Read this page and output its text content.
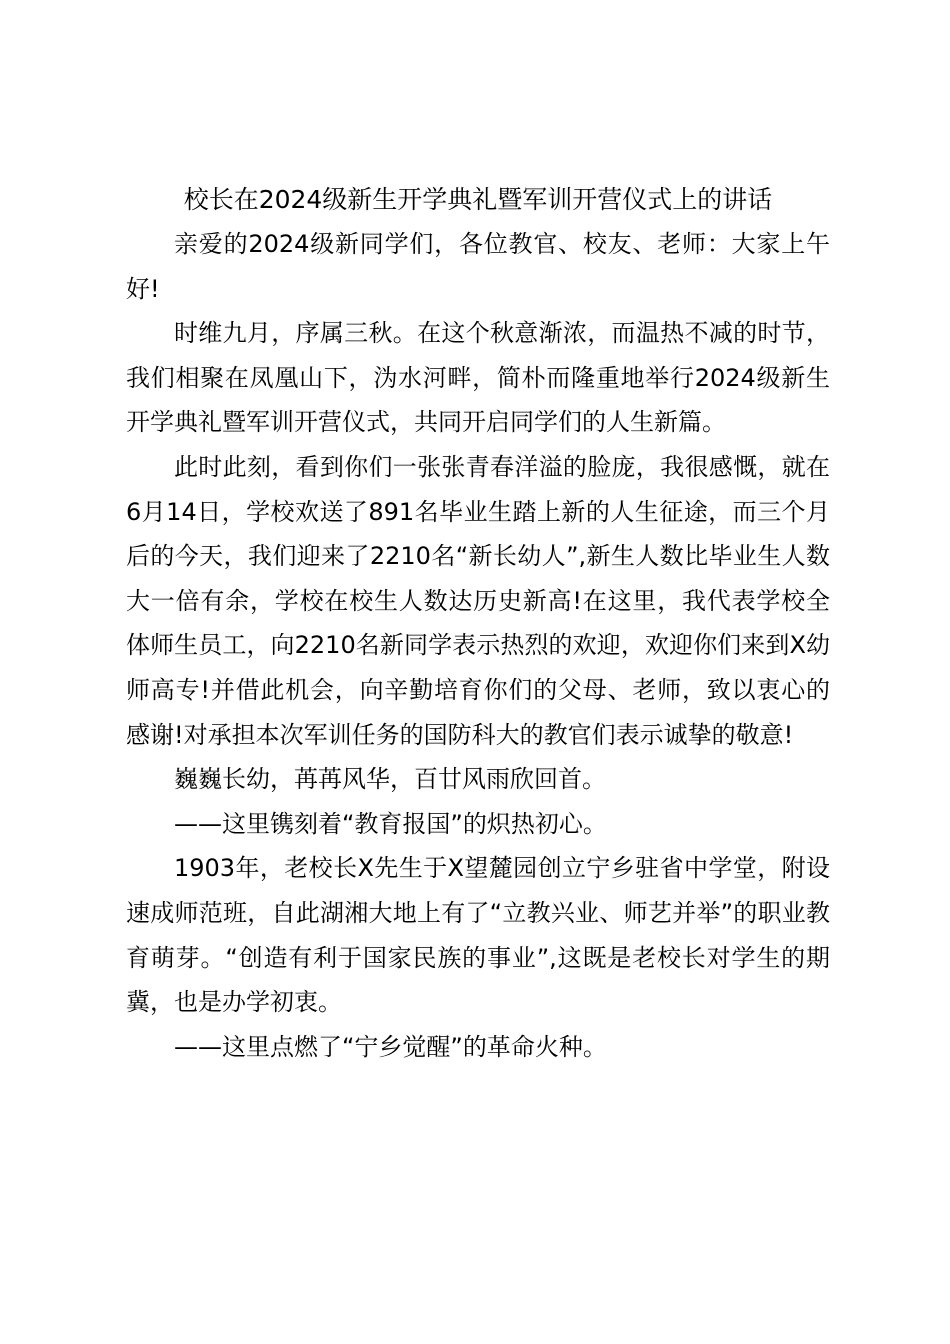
校长在2024级新生开学典礼暨军训开营仪式上的讲话

亲爱的2024级新同学们，各位教官、校友、老师：大家上午好!

时维九月，序属三秋。在这个秋意渐浓，而温热不减的时节，我们相聚在凤凰山下，沩水河畔，简朴而隆重地举行2024级新生开学典礼暨军训开营仪式，共同开启同学们的人生新篇。

此时此刻，看到你们一张张青春洋溢的脸庞，我很感慨，就在6月14日，学校欢送了891名毕业生踏上新的人生征途，而三个月后的今天，我们迎来了2210名“新长幼人”,新生人数比毕业生人数大一倍有余，学校在校生人数达历史新高!在这里，我代表学校全体师生员工，向2210名新同学表示热烈的欢迎，欢迎你们来到X幼师高专!并借此机会，向辛勤培育你们的父母、老师，致以衷心的感谢!对承担本次军训任务的国防科大的教官们表示诚挚的敬意!

巍巍长幼，苒苒风华，百廿风雨欣回首。

——这里镌刻着“教育报国”的炽热初心。

1903年，老校长X先生于X望麓园创立宁乡驻省中学堂，附设速成师范班，自此湖湘大地上有了“立教兴业、师艺并举”的职业教育萌芽。“创造有利于国家民族的事业”,这既是老校长对学生的期冀，也是办学初衷。

——这里点燃了“宁乡觉醒”的革命火种。
